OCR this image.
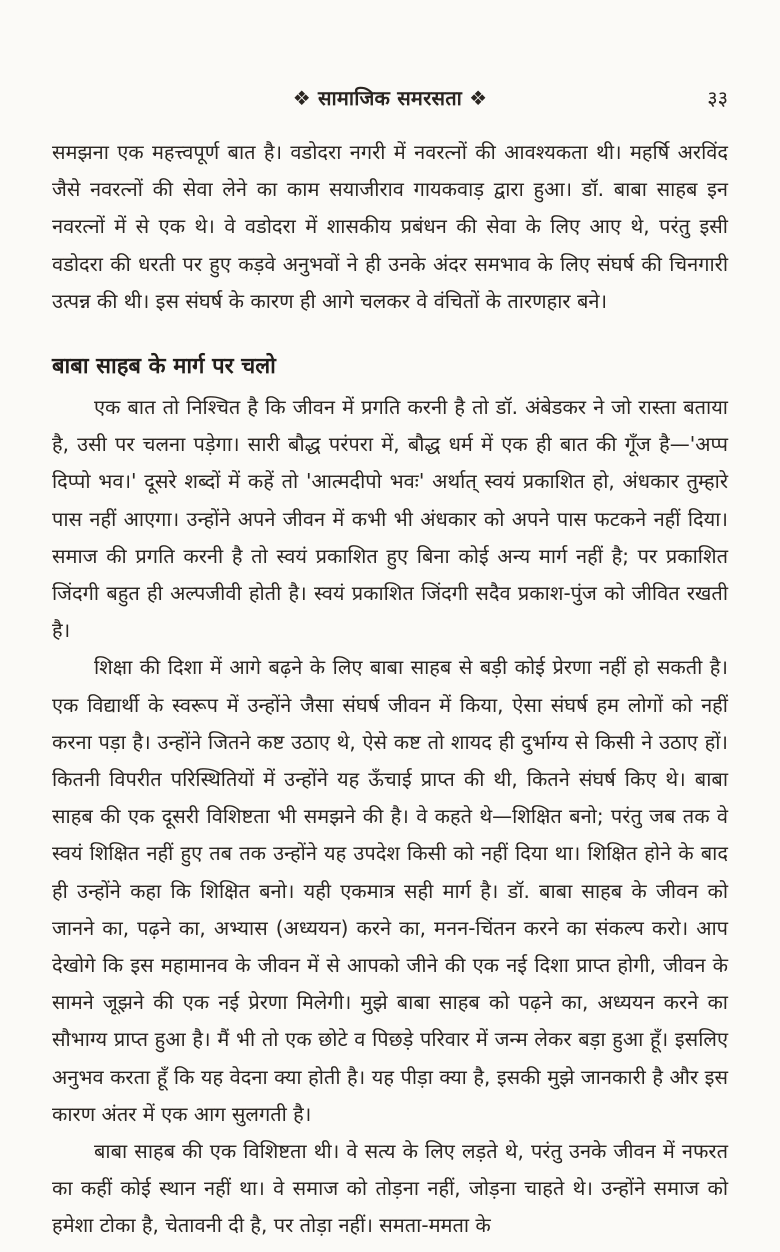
❖ सामाजिक समरसता ❖	३३

समझना एक महत्त्वपूर्ण बात है। वडोदरा नगरी में नवरत्नों की आवश्यकता थी। महर्षि अरविंद जैसे नवरत्नों की सेवा लेने का काम सयाजीराव गायकवाड़ द्वारा हुआ। डॉ. बाबा साहब इन नवरत्नों में से एक थे। वे वडोदरा में शासकीय प्रबंधन की सेवा के लिए आए थे, परंतु इसी वडोदरा की धरती पर हुए कड़वे अनुभवों ने ही उनके अंदर समभाव के लिए संघर्ष की चिनगारी उत्पन्न की थी। इस संघर्ष के कारण ही आगे चलकर वे वंचितों के तारणहार बने।

बाबा साहब के मार्ग पर चलो

एक बात तो निश्चित है कि जीवन में प्रगति करनी है तो डॉ. अंबेडकर ने जो रास्ता बताया है, उसी पर चलना पड़ेगा। सारी बौद्ध परंपरा में, बौद्ध धर्म में एक ही बात की गूँज है—'अप्प दिप्पो भव।' दूसरे शब्दों में कहें तो 'आत्मदीपो भवः' अर्थात् स्वयं प्रकाशित हो, अंधकार तुम्हारे पास नहीं आएगा। उन्होंने अपने जीवन में कभी भी अंधकार को अपने पास फटकने नहीं दिया। समाज की प्रगति करनी है तो स्वयं प्रकाशित हुए बिना कोई अन्य मार्ग नहीं है; पर प्रकाशित जिंदगी बहुत ही अल्पजीवी होती है। स्वयं प्रकाशित जिंदगी सदैव प्रकाश-पुंज को जीवित रखती है।

शिक्षा की दिशा में आगे बढ़ने के लिए बाबा साहब से बड़ी कोई प्रेरणा नहीं हो सकती है। एक विद्यार्थी के स्वरूप में उन्होंने जैसा संघर्ष जीवन में किया, ऐसा संघर्ष हम लोगों को नहीं करना पड़ा है। उन्होंने जितने कष्ट उठाए थे, ऐसे कष्ट तो शायद ही दुर्भाग्य से किसी ने उठाए हों। कितनी विपरीत परिस्थितियों में उन्होंने यह ऊँचाई प्राप्त की थी, कितने संघर्ष किए थे। बाबा साहब की एक दूसरी विशिष्टता भी समझने की है। वे कहते थे—शिक्षित बनो; परंतु जब तक वे स्वयं शिक्षित नहीं हुए तब तक उन्होंने यह उपदेश किसी को नहीं दिया था। शिक्षित होने के बाद ही उन्होंने कहा कि शिक्षित बनो। यही एकमात्र सही मार्ग है। डॉ. बाबा साहब के जीवन को जानने का, पढ़ने का, अभ्यास (अध्ययन) करने का, मनन-चिंतन करने का संकल्प करो। आप देखोगे कि इस महामानव के जीवन में से आपको जीने की एक नई दिशा प्राप्त होगी, जीवन के सामने जूझने की एक नई प्रेरणा मिलेगी। मुझे बाबा साहब को पढ़ने का, अध्ययन करने का सौभाग्य प्राप्त हुआ है। मैं भी तो एक छोटे व पिछड़े परिवार में जन्म लेकर बड़ा हुआ हूँ। इसलिए अनुभव करता हूँ कि यह वेदना क्या होती है। यह पीड़ा क्या है, इसकी मुझे जानकारी है और इस कारण अंतर में एक आग सुलगती है।

बाबा साहब की एक विशिष्टता थी। वे सत्य के लिए लड़ते थे, परंतु उनके जीवन में नफरत का कहीं कोई स्थान नहीं था। वे समाज को तोड़ना नहीं, जोड़ना चाहते थे। उन्होंने समाज को हमेशा टोका है, चेतावनी दी है, पर तोड़ा नहीं। समता-ममता के
